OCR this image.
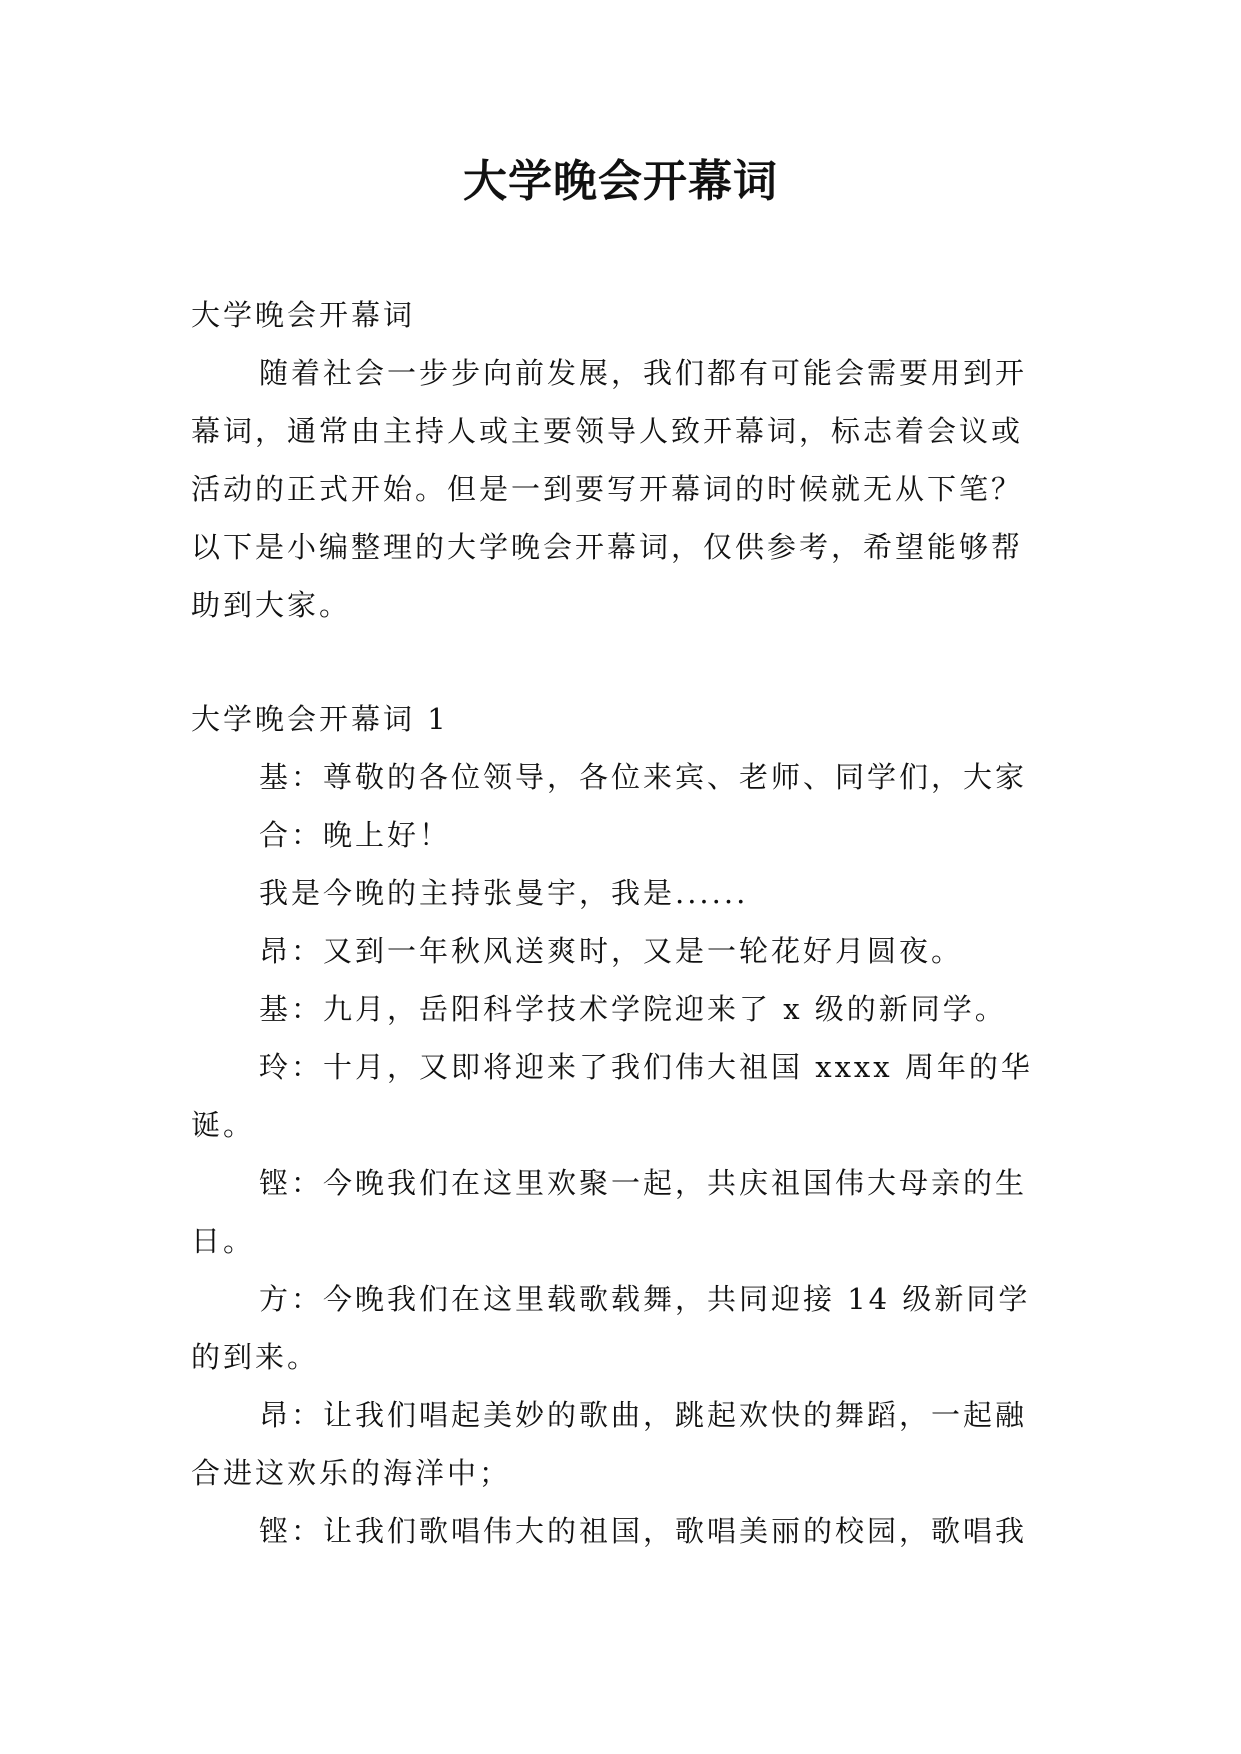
大学晚会开幕词
大学晚会开幕词
随着社会一步步向前发展，我们都有可能会需要用到开幕词，通常由主持人或主要领导人致开幕词，标志着会议或活动的正式开始。但是一到要写开幕词的时候就无从下笔？以下是小编整理的大学晚会开幕词，仅供参考，希望能够帮助到大家。
大学晚会开幕词 1
基：尊敬的各位领导，各位来宾、老师、同学们，大家
合：晚上好！
我是今晚的主持张曼宇，我是......
昂：又到一年秋风送爽时，又是一轮花好月圆夜。
基：九月，岳阳科学技术学院迎来了 x 级的新同学。
玲：十月，又即将迎来了我们伟大祖国 xxxx 周年的华诞。
铿：今晚我们在这里欢聚一起，共庆祖国伟大母亲的生日。
方：今晚我们在这里载歌载舞，共同迎接 14 级新同学的到来。
昂：让我们唱起美妙的歌曲，跳起欢快的舞蹈，一起融合进这欢乐的海洋中；
铿：让我们歌唱伟大的祖国，歌唱美丽的校园，歌唱我
